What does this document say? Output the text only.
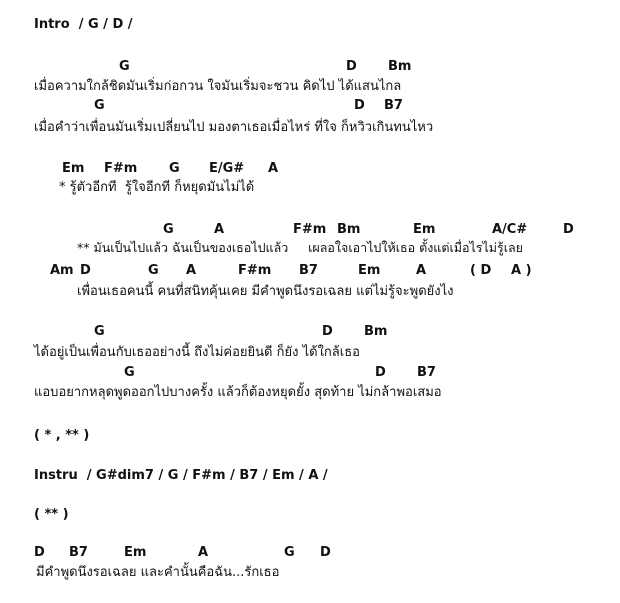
Intro  / G / D /
G	D Bm
เมื่อความใกล้ชิดมันเริ่มก่อกวน ใจมันเริ่มจะชวน คิดไป ได้แสนไกล
G	D B7
เมื่อคำว่าเพื่อนมันเริ่มเปลี่ยนไป มองตาเธอเมื่อไหร่ ที่ใจ ก็หวิวเกินทนไหว
Em F#m G E/G# A
* รู้ตัวอีกที  รู้ใจอีกที ก็หยุดมันไม่ได้
G	A	F#m Bm	Em	A/C#	D
** มันเป็นไปแล้ว ฉันเป็นของเธอไปแล้ว     เผลอใจเอาไปให้เธอ ตั้งแต่เมื่อไรไม่รู้เลย
Am D	G A	F#m B7	Em	A	( D A )
เพื่อนเธอคนนี้ คนที่สนิทคุ้นเคย มีคำพูดนึงรอเฉลย แต่ไม่รู้จะพูดยังไง
G	D Bm
ได้อยู่เป็นเพื่อนกับเธออย่างนี้ ถึงไม่ค่อยยินดี ก็ยัง ได้ใกล้เธอ
G	D B7
แอบอยากหลุดพูดออกไปบางครั้ง แล้วก็ต้องหยุดยั้ง สุดท้าย ไม่กล้าพอเสมอ
( * , ** )
Instru  / G#dim7 / G / F#m / B7 / Em / A /
( ** )
D B7	Em	A	G D
มีคำพูดนึงรอเฉลย และคำนั้นคือฉัน...รักเธอ
